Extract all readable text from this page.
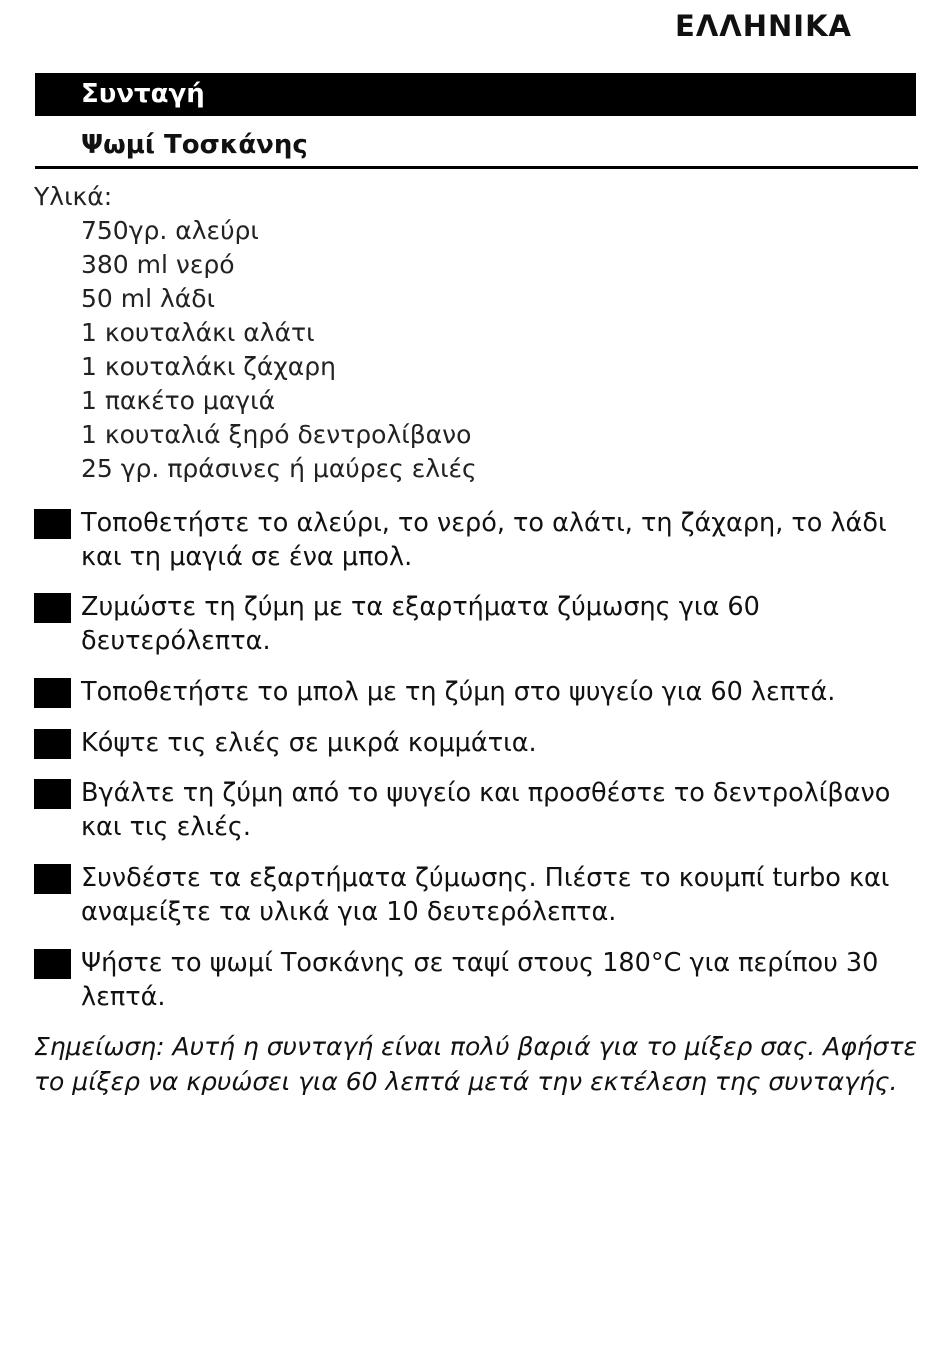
ΕΛΛΗΝΙΚΑ
Συνταγή
Ψωμί Τοσκάνης
Υλικά:
750γρ. αλεύρι
380 ml νερό
50 ml λάδι
1 κουταλάκι αλάτι
1 κουταλάκι ζάχαρη
1 πακέτο μαγιά
1 κουταλιά ξηρό δεντρολίβανο
25 γρ. πράσινες ή μαύρες ελιές
Τοποθετήστε το αλεύρι, το νερό, το αλάτι, τη ζάχαρη, το λάδι και τη μαγιά σε ένα μπολ.
Ζυμώστε τη ζύμη με τα εξαρτήματα ζύμωσης για 60 δευτερόλεπτα.
Τοποθετήστε το μπολ με τη ζύμη στο ψυγείο για 60 λεπτά.
Κόψτε τις ελιές σε μικρά κομμάτια.
Βγάλτε τη ζύμη από το ψυγείο και προσθέστε το δεντρολίβανο και τις ελιές.
Συνδέστε τα εξαρτήματα ζύμωσης. Πιέστε το κουμπί turbo και αναμείξτε τα υλικά για 10 δευτερόλεπτα.
Ψήστε το ψωμί Τοσκάνης σε ταψί στους 180°C για περίπου 30 λεπτά.
Σημείωση: Αυτή η συνταγή είναι πολύ βαριά για το μίξερ σας. Αφήστε το μίξερ να κρυώσει για 60 λεπτά μετά την εκτέλεση της συνταγής.
